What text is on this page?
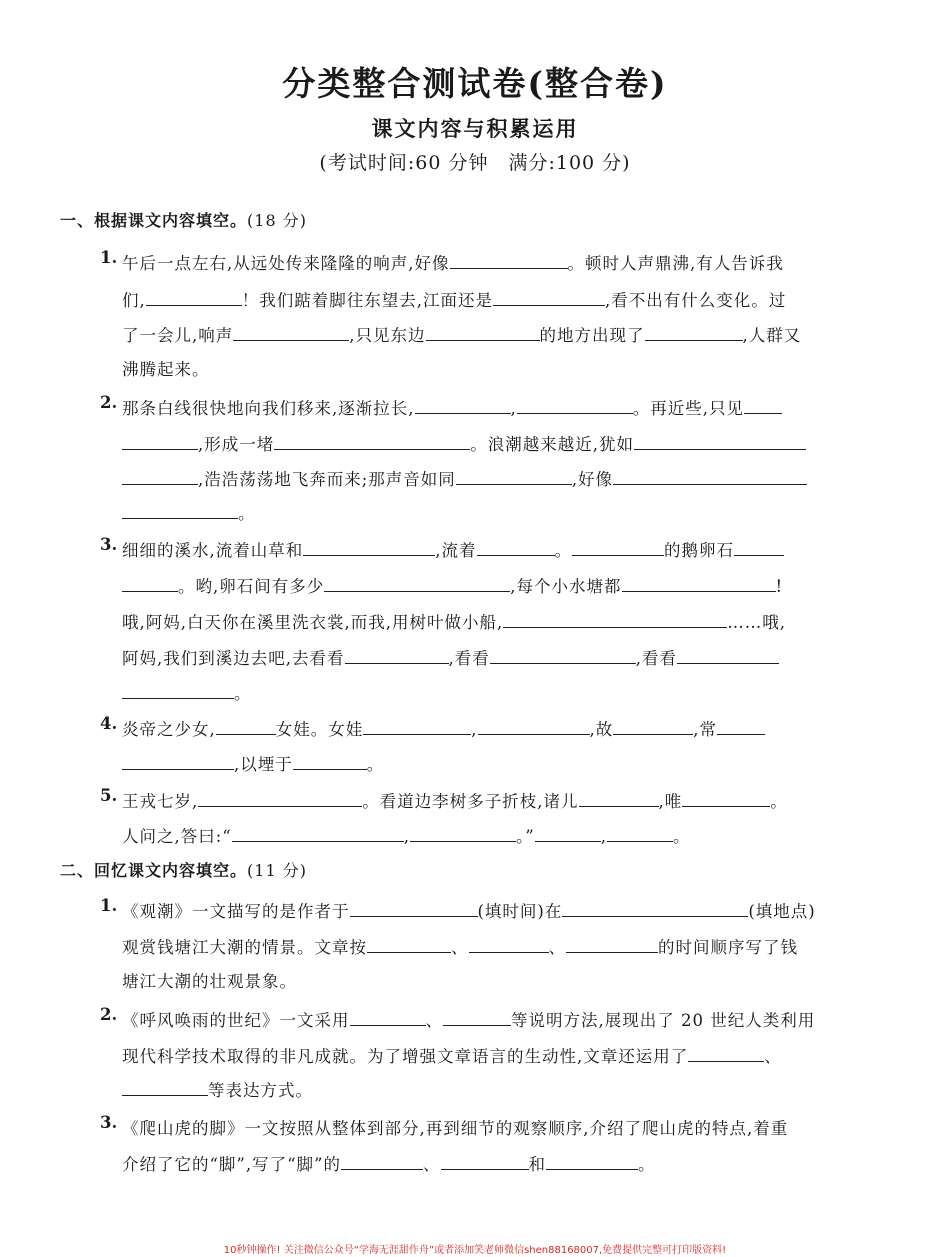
分类整合测试卷(整合卷)
课文内容与积累运用
(考试时间:60 分钟　满分:100 分)
一、根据课文内容填空。(18 分)
1. 午后一点左右,从远处传来隆隆的响声,好像	。顿时人声鼎沸,有人告诉我
们,	！我们踮着脚往东望去,江面还是	,看不出有什么变化。过
了一会儿,响声	,只见东边	的地方出现了	,人群又
沸腾起来。
2. 那条白线很快地向我们移来,逐渐拉长,	,	。再近些,只见
,形成一堵	。浪潮越来越近,犹如
,浩浩荡荡地飞奔而来;那声音如同	,好像
。
3. 细细的溪水,流着山草和	,流着	。	的鹅卵石
。哟,卵石间有多少	,每个小水塘都	!
哦,阿妈,白天你在溪里洗衣裳,而我,用树叶做小船,	……哦,
阿妈,我们到溪边去吧,去看看	,看看	,看看
。
4. 炎帝之少女,	女娃。女娃	,	,故	,常
,以堙于	。
5. 王戎七岁,	。看道边李树多子折枝,诸儿	,唯	。
人问之,答曰:“	,	。”	,	。
二、回忆课文内容填空。(11 分)
1. 《观潮》一文描写的是作者于	(填时间)在	(填地点)
观赏钱塘江大潮的情景。文章按	、	、	的时间顺序写了钱
塘江大潮的壮观景象。
2. 《呼风唤雨的世纪》一文采用	、	等说明方法,展现出了 20 世纪人类利用
现代科学技术取得的非凡成就。为了增强文章语言的生动性,文章还运用了	、
等表达方式。
3. 《爬山虎的脚》一文按照从整体到部分,再到细节的观察顺序,介绍了爬山虎的特点,着重
介绍了它的“脚”,写了“脚”的	、	和	。
10秒钟操作! 关注微信公众号“学海无涯甜作舟”或者添加笑老师微信shen88168007,免费提供完整可打印版资料!
